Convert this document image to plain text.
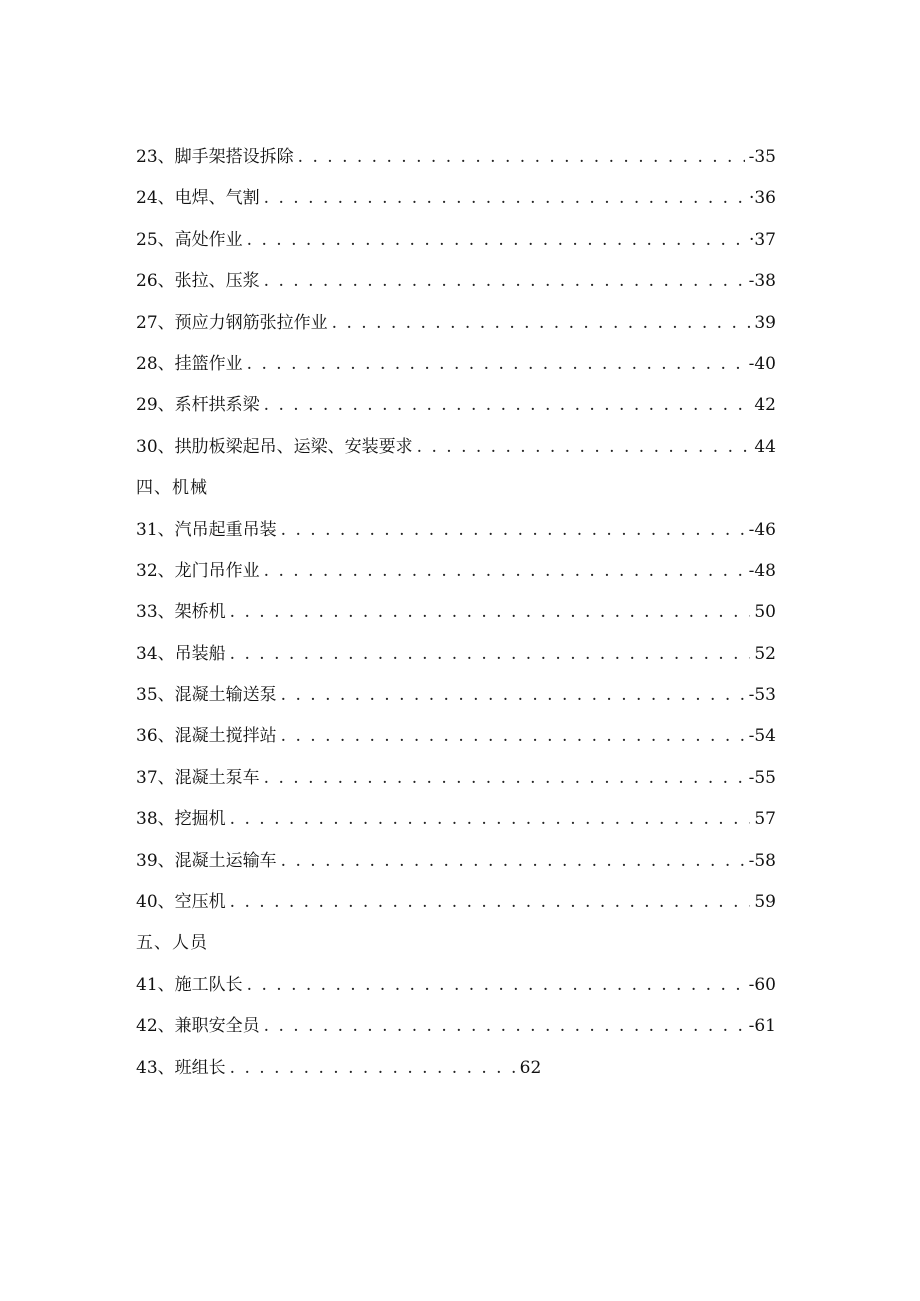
23、脚手架搭设拆除 . . .	-35
24、电焊、气割 . . .	·36
25、高处作业 . . .	·37
26、张拉、压浆 . . .	-38
27、预应力钢筋张拉作业 . . .	39
28、挂篮作业 . . .	-40
29、系杆拱系梁 . . .	42
30、拱肋板梁起吊、运梁、安装要求 . . .	44
四、机械
31、汽吊起重吊装 . . .	-46
32、龙门吊作业 . . .	-48
33、架桥机 . . .	50
34、吊装船 . . .	52
35、混凝土输送泵 . . .	-53
36、混凝土搅拌站 . . .	-54
37、混凝土泵车 . . .	-55
38、挖掘机 . . .	57
39、混凝土运输车 . . .	-58
40、空压机 . . .	59
五、人员
41、施工队长 . . .	-60
42、兼职安全员 . . .	-61
43、班组长 . . .	62
